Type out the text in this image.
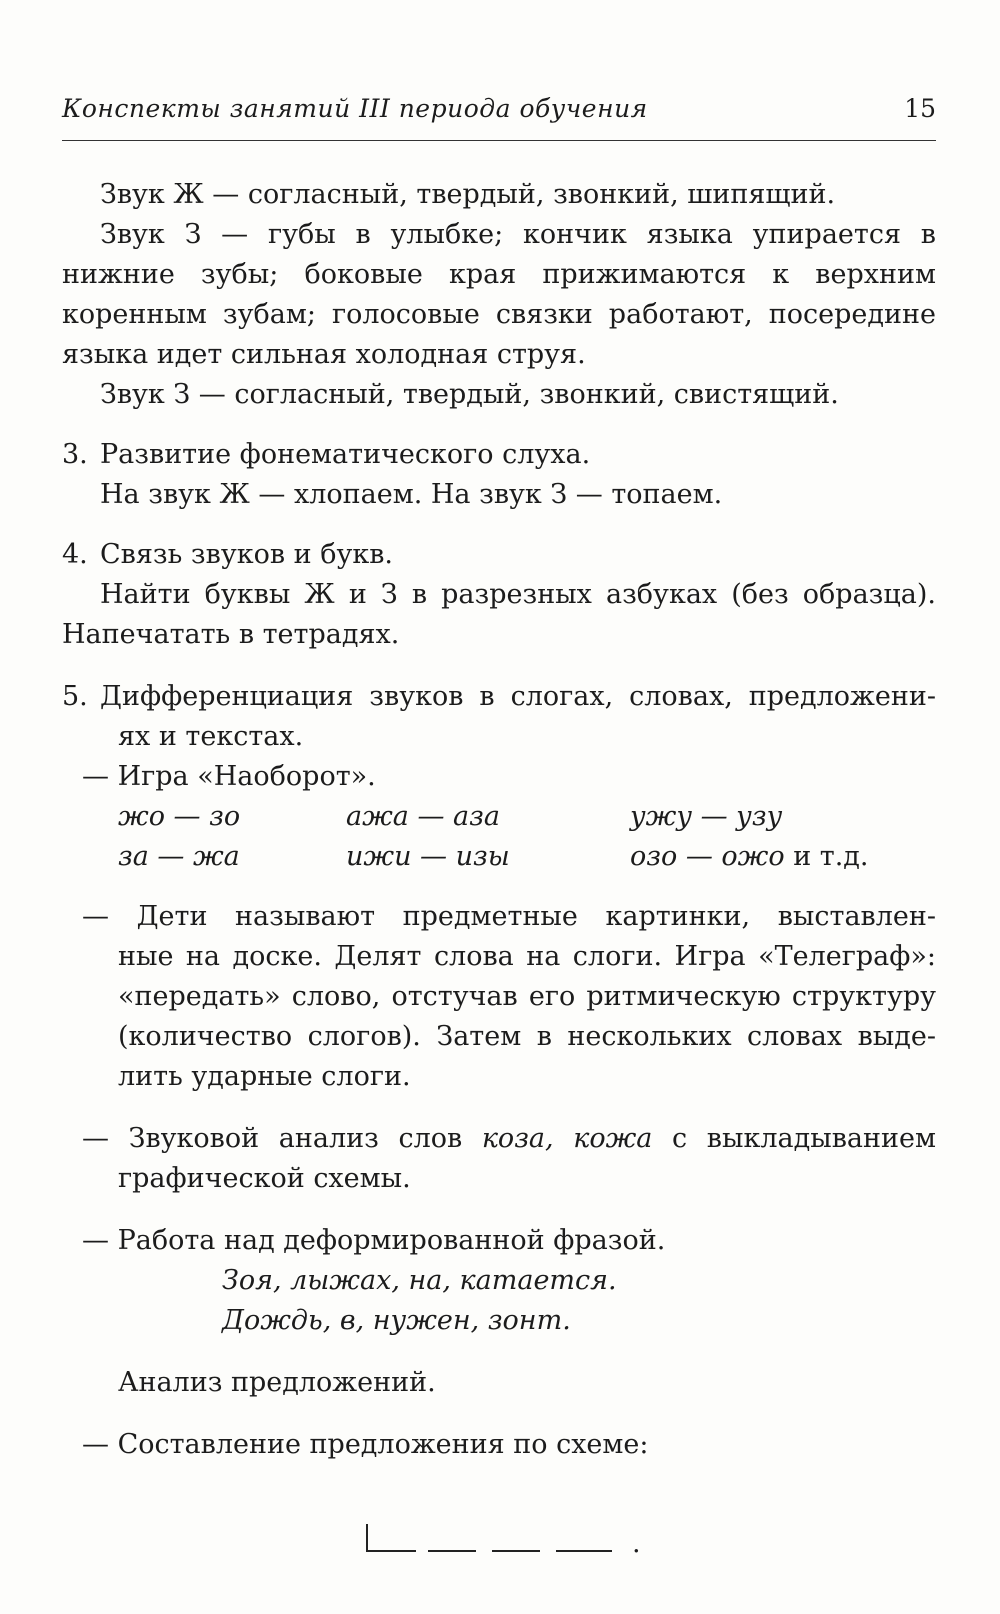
Конспекты занятий III периода обучения	15
Звук Ж — согласный, твердый, звонкий, шипящий.
Звук З — губы в улыбке; кончик языка упирается в
нижние зубы; боковые края прижимаются к верхним
коренным зубам; голосовые связки работают, посередине
языка идет сильная холодная струя.
Звук З — согласный, твердый, звонкий, свистящий.
3. Развитие фонематического слуха.
На звук Ж — хлопаем. На звук З — топаем.
4. Связь звуков и букв.
Найти буквы Ж и З в разрезных азбуках (без образца).
Напечатать в тетрадях.
5. Дифференциация звуков в слогах, словах, предложени-
ях и текстах.
— Игра «Наоборот».
жо — зо	ажа — аза	ужу — узу
за — жа	ижи — изы	озо — ожо и т.д.
— Дети называют предметные картинки, выставлен-
ные на доске. Делят слова на слоги. Игра «Телеграф»:
«передать» слово, отстучав его ритмическую структуру
(количество слогов). Затем в нескольких словах выде-
лить ударные слоги.
— Звуковой анализ слов коза, кожа с выкладыванием
графической схемы.
— Работа над деформированной фразой.
Зоя, лыжах, на, катается.
Дождь, в, нужен, зонт.
Анализ предложений.
— Составление предложения по схеме:
.
